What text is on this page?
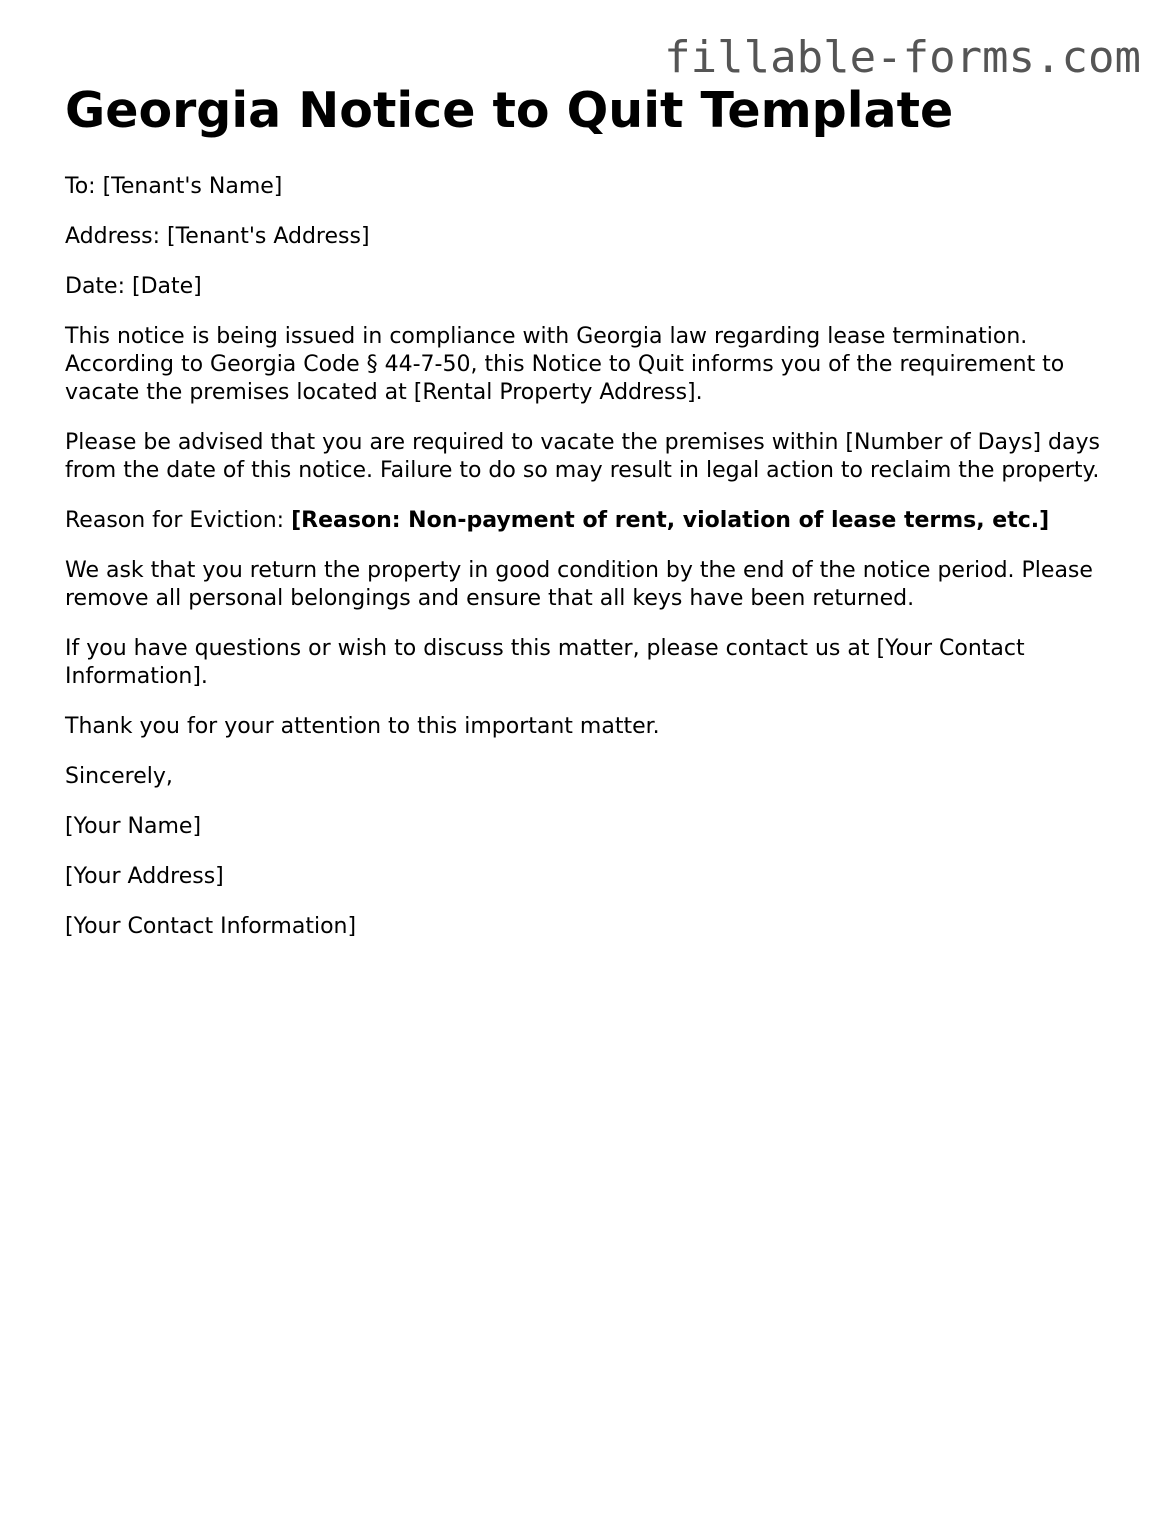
fillable-forms.com
Georgia Notice to Quit Template

To: [Tenant's Name]

Address: [Tenant's Address]

Date: [Date]

This notice is being issued in compliance with Georgia law regarding lease termination. According to Georgia Code § 44-7-50, this Notice to Quit informs you of the requirement to vacate the premises located at [Rental Property Address].

Please be advised that you are required to vacate the premises within [Number of Days] days from the date of this notice. Failure to do so may result in legal action to reclaim the property.

Reason for Eviction: [Reason: Non-payment of rent, violation of lease terms, etc.]

We ask that you return the property in good condition by the end of the notice period. Please remove all personal belongings and ensure that all keys have been returned.

If you have questions or wish to discuss this matter, please contact us at [Your Contact Information].

Thank you for your attention to this important matter.

Sincerely,

[Your Name]

[Your Address]

[Your Contact Information]
